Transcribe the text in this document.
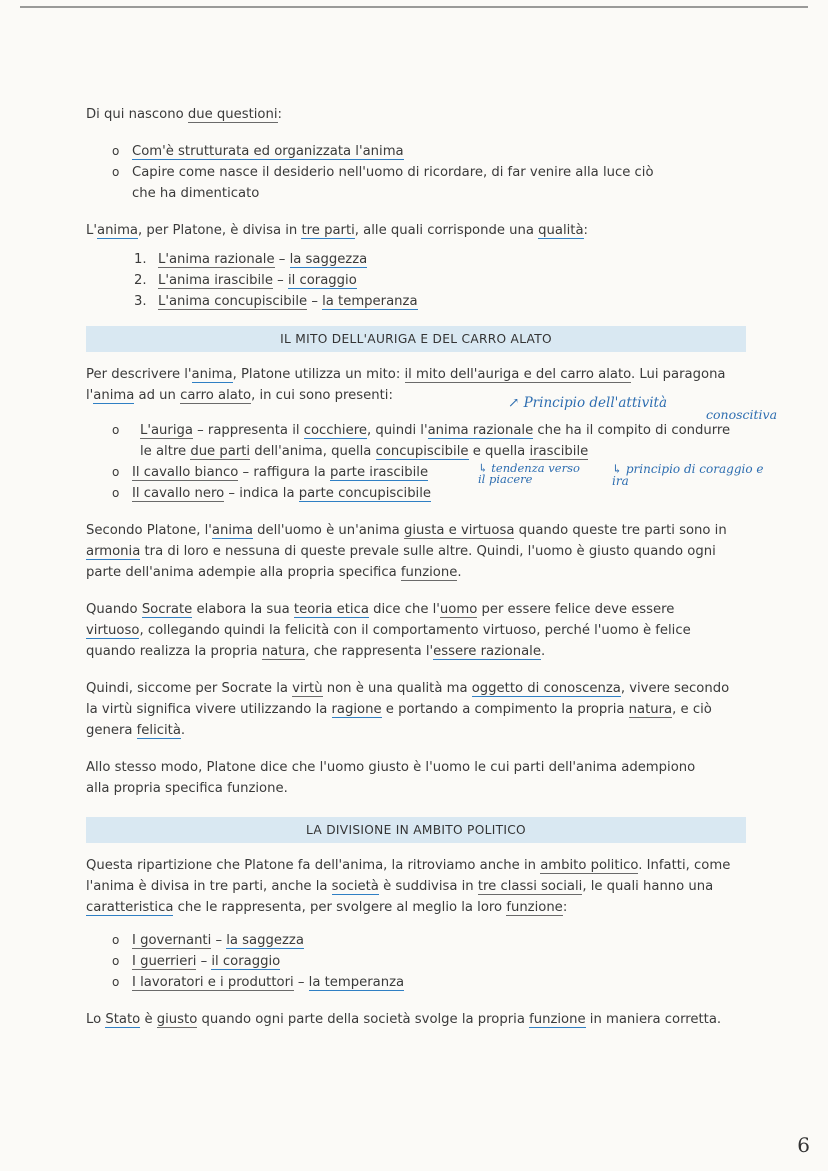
Di qui nascono due questioni:

o Com'è strutturata ed organizzata l'anima
o Capire come nasce il desiderio nell'uomo di ricordare, di far venire alla luce ciò che ha dimenticato

L'anima, per Platone, è divisa in tre parti, alle quali corrisponde una qualità:

1. L'anima razionale – la saggezza
2. L'anima irascibile – il coraggio
3. L'anima concupiscibile – la temperanza
IL MITO DELL'AURIGA E DEL CARRO ALATO

Per descrivere l'anima, Platone utilizza un mito: il mito dell'auriga e del carro alato. Lui paragona l'anima ad un carro alato, in cui sono presenti:

o L'auriga – rappresenta il cocchiere, quindi l'anima razionale che ha il compito di condurre le altre due parti dell'anima, quella concupiscibile e quella irascibile
o Il cavallo bianco – raffigura la parte irascibile
o Il cavallo nero – indica la parte concupiscibile

Secondo Platone, l'anima dell'uomo è un'anima giusta e virtuosa quando queste tre parti sono in armonia tra di loro e nessuna di queste prevale sulle altre. Quindi, l'uomo è giusto quando ogni parte dell'anima adempie alla propria specifica funzione.

Quando Socrate elabora la sua teoria etica dice che l'uomo per essere felice deve essere virtuoso, collegando quindi la felicità con il comportamento virtuoso, perché l'uomo è felice quando realizza la propria natura, che rappresenta l'essere razionale.

Quindi, siccome per Socrate la virtù non è una qualità ma oggetto di conoscenza, vivere secondo la virtù significa vivere utilizzando la ragione e portando a compimento la propria natura, e ciò genera felicità.

Allo stesso modo, Platone dice che l'uomo giusto è l'uomo le cui parti dell'anima adempiono alla propria specifica funzione.

LA DIVISIONE IN AMBITO POLITICO

Questa ripartizione che Platone fa dell'anima, la ritroviamo anche in ambito politico. Infatti, come l'anima è divisa in tre parti, anche la società è suddivisa in tre classi sociali, le quali hanno una caratteristica che le rappresenta, per svolgere al meglio la loro funzione:

o I governanti – la saggezza
o I guerrieri – il coraggio
o I lavoratori e i produttori – la temperanza

Lo Stato è giusto quando ogni parte della società svolge la propria funzione in maniera corretta.

↗ Principio dell'attività
conoscitiva
↳ tendenza verso il piacere
↳ principio di coraggio e ira
6
